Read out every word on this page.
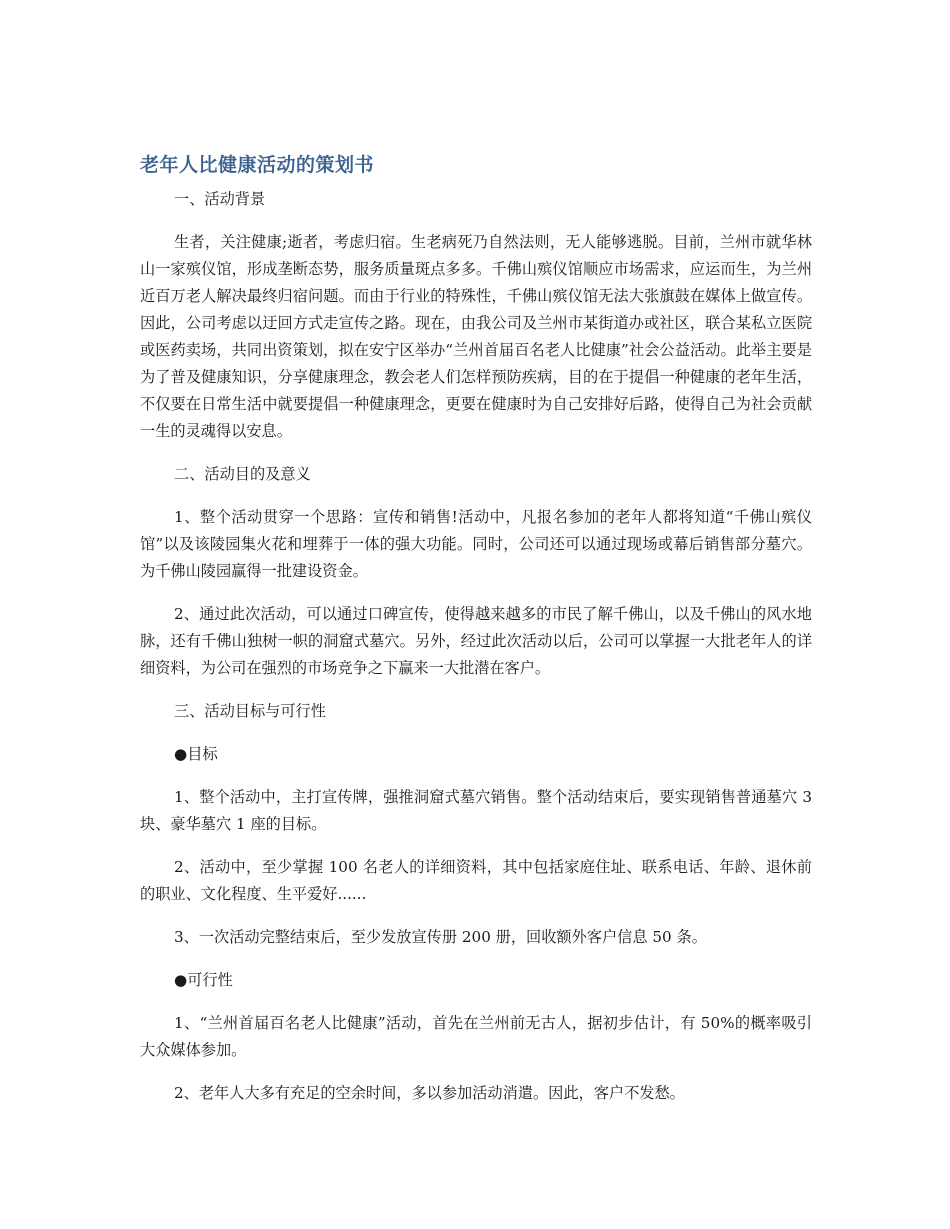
老年人比健康活动的策划书

一、活动背景

生者，关注健康;逝者，考虑归宿。生老病死乃自然法则，无人能够逃脱。目前，兰州市就华林山一家殡仪馆，形成垄断态势，服务质量斑点多多。千佛山殡仪馆顺应市场需求，应运而生，为兰州近百万老人解决最终归宿问题。而由于行业的特殊性，千佛山殡仪馆无法大张旗鼓在媒体上做宣传。因此，公司考虑以迂回方式走宣传之路。现在，由我公司及兰州市某街道办或社区，联合某私立医院或医药卖场，共同出资策划，拟在安宁区举办“兰州首届百名老人比健康”社会公益活动。此举主要是为了普及健康知识，分享健康理念，教会老人们怎样预防疾病，目的在于提倡一种健康的老年生活，不仅要在日常生活中就要提倡一种健康理念，更要在健康时为自己安排好后路，使得自己为社会贡献一生的灵魂得以安息。

二、活动目的及意义

1、整个活动贯穿一个思路：宣传和销售!活动中，凡报名参加的老年人都将知道“千佛山殡仪馆”以及该陵园集火花和埋葬于一体的强大功能。同时，公司还可以通过现场或幕后销售部分墓穴。为千佛山陵园赢得一批建设资金。

2、通过此次活动，可以通过口碑宣传，使得越来越多的市民了解千佛山，以及千佛山的风水地脉，还有千佛山独树一帜的洞窟式墓穴。另外，经过此次活动以后，公司可以掌握一大批老年人的详细资料，为公司在强烈的市场竞争之下赢来一大批潜在客户。

三、活动目标与可行性

●目标

1、整个活动中，主打宣传牌，强推洞窟式墓穴销售。整个活动结束后，要实现销售普通墓穴 3 块、豪华墓穴 1 座的目标。

2、活动中，至少掌握 100 名老人的详细资料，其中包括家庭住址、联系电话、年龄、退休前的职业、文化程度、生平爱好......

3、一次活动完整结束后，至少发放宣传册 200 册，回收额外客户信息 50 条。

●可行性

1、“兰州首届百名老人比健康”活动，首先在兰州前无古人，据初步估计，有 50%的概率吸引大众媒体参加。

2、老年人大多有充足的空余时间，多以参加活动消遣。因此，客户不发愁。
